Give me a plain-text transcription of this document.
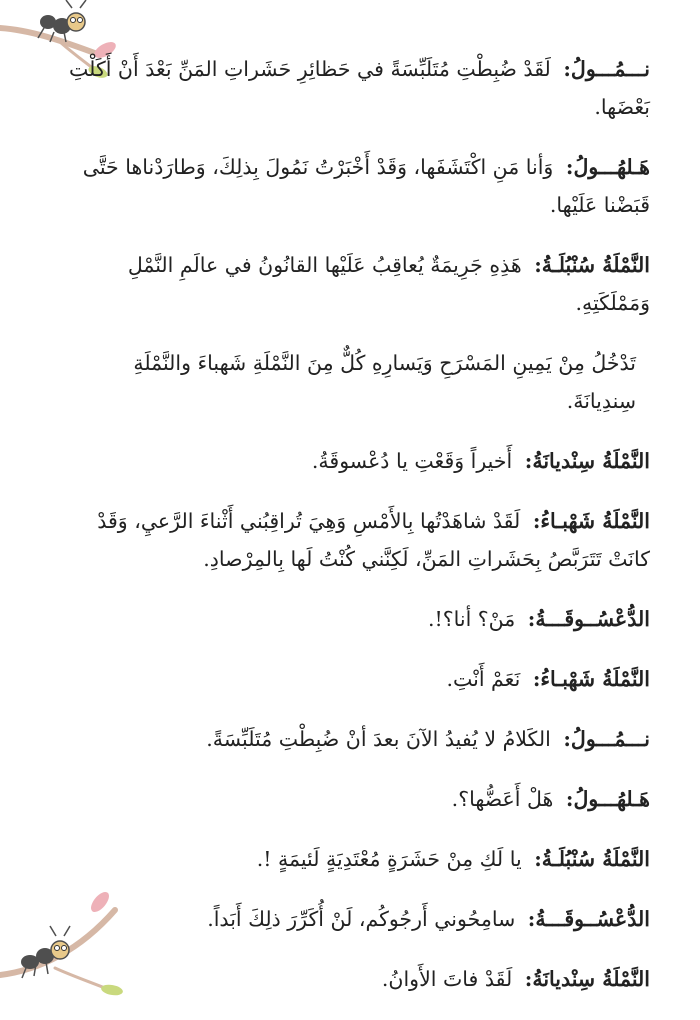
نـــمُـــولُ: لَقَدْ ضُبِطْتِ مُتَلَبِّسَةً في حَظائِرِ حَشَراتِ المَنِّ بَعْدَ أَنْ أَكَلْتِ بَعْضَها.
هَـلهُـــولُ: وَأنا مَنِ اكْتَشَفَها، وَقَدْ أَخْبَرْتُ نَمُولَ بِذلِكَ، وَطارَدْناها حَتَّى قَبَضْنا عَلَيْها.
النَّمْلَةُ سُنْبُلَـةُ: هَذِهِ جَرِيمَةٌ يُعاقِبُ عَلَيْها القانُونُ في عالَمِ النَّمْلِ وَمَمْلَكَتِهِ.
تَدْخُلُ مِنْ يَمِينِ المَسْرَحِ وَيَسارِهِ كُلٌّ مِنَ النَّمْلَةِ شَهباءَ والنَّمْلَةِ سِندِيانَةَ.
النَّمْلَةُ سِنْديانَةُ: أَخيراً وَقَعْتِ يا دُعْسوقَةُ.
النَّمْلَةُ شَهْبـاءُ: لَقَدْ شاهَدْتُها بِالأَمْسِ وَهِيَ تُراقِبُني أَثْناءَ الرَّعيِ، وَقَدْ كانَتْ تَتَرَبَّصُ بِحَشَراتِ المَنِّ، لَكِنَّني كُنْتُ لَها بِالمِرْصادِ.
الدُّعْسُــوقَـــةُ: مَنْ؟ أنا؟!.
النَّمْلَةُ شَهْبـاءُ: نَعَمْ أَنْتِ.
نـــمُـــولُ: الكَلامُ لا يُفيدُ الآنَ بعدَ أنْ ضُبِطْتِ مُتَلَبِّسَةً.
هَـلهُـــولُ: هَلْ أَعَضُّها؟.
النَّمْلَةُ سُنْبُلَـةُ: يا لَكِ مِنْ حَشَرَةٍ مُعْتَدِيَةٍ لَئيمَةٍ !.
الدُّعْسُــوقَـــةُ: سامِحُوني أَرجُوكُم، لَنْ أُكَرِّرَ ذلِكَ أَبَداً.
النَّمْلَةُ سِنْديانَةُ: لَقَدْ فاتَ الأَوانُ.
